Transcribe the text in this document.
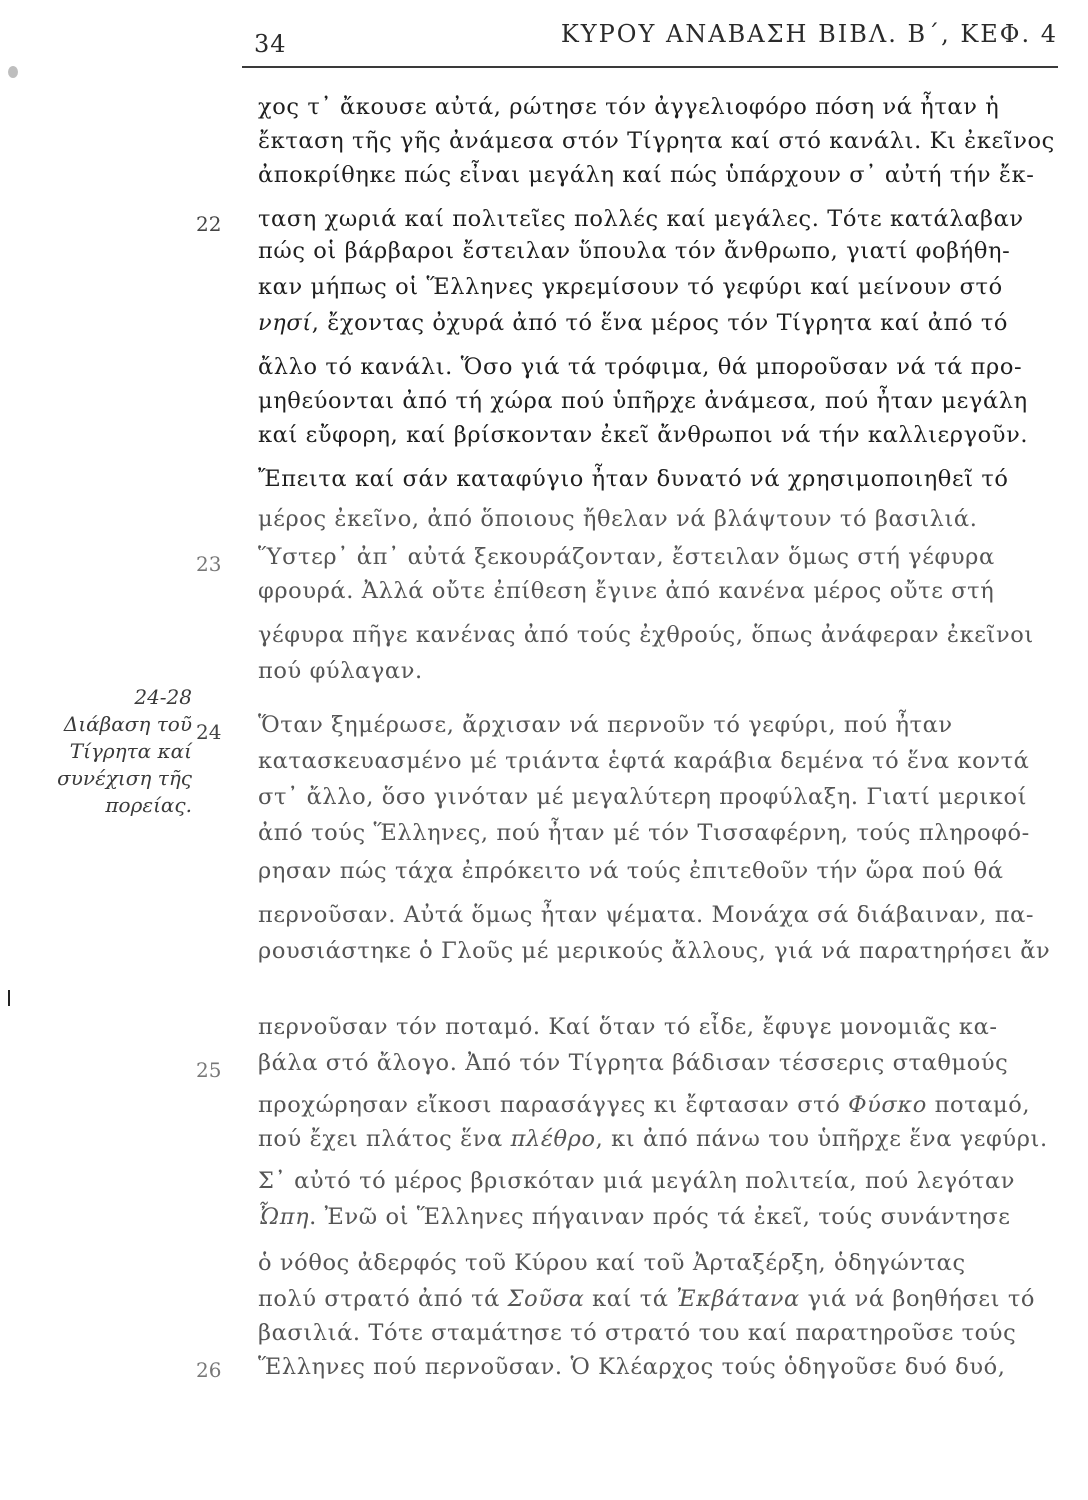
34	ΚΥΡΟΥ ΑΝΑΒΑΣΗ ΒΙΒΛ. Β΄, ΚΕΦ. 4
24-28
Διάβαση τοῦ
Τίγρητα καί
συνέχιση τῆς
πορείας.
22
23
24
25
26
χος τ᾿ ἄκουσε αὐτά, ρώτησε τόν ἀγγελιοφόρο πόση νά ἦταν ἡ
ἔκταση τῆς γῆς ἀνάμεσα στόν Τίγρητα καί στό κανάλι. Κι ἐκεῖνος
ἀποκρίθηκε πώς εἶναι μεγάλη καί πώς ὑπάρχουν σ᾿ αὐτή τήν ἔκ-
ταση χωριά καί πολιτεῖες πολλές καί μεγάλες. Τότε κατάλαβαν
πώς οἱ βάρβαροι ἔστειλαν ὕπουλα τόν ἄνθρωπο, γιατί φοβήθη-
καν μήπως οἱ Ἕλληνες γκρεμίσουν τό γεφύρι καί μείνουν στό
νησί, ἔχοντας ὀχυρά ἀπό τό ἕνα μέρος τόν Τίγρητα καί ἀπό τό
ἄλλο τό κανάλι. Ὅσο γιά τά τρόφιμα, θά μποροῦσαν νά τά προ-
μηθεύονται ἀπό τή χώρα πού ὑπῆρχε ἀνάμεσα, πού ἦταν μεγάλη
καί εὔφορη, καί βρίσκονταν ἐκεῖ ἄνθρωποι νά τήν καλλιεργοῦν.
Ἔπειτα καί σάν καταφύγιο ἦταν δυνατό νά χρησιμοποιηθεῖ τό
μέρος ἐκεῖνο, ἀπό ὅποιους ἤθελαν νά βλάψτουν τό βασιλιά.
Ὕστερ᾿ ἀπ᾿ αὐτά ξεκουράζονταν, ἔστειλαν ὅμως στή γέφυρα
φρουρά. Ἀλλά οὔτε ἐπίθεση ἔγινε ἀπό κανένα μέρος οὔτε στή
γέφυρα πῆγε κανένας ἀπό τούς ἐχθρούς, ὅπως ἀνάφεραν ἐκεῖνοι
πού φύλαγαν.
Ὅταν ξημέρωσε, ἄρχισαν νά περνοῦν τό γεφύρι, πού ἦταν
κατασκευασμένο μέ τριάντα ἑφτά καράβια δεμένα τό ἕνα κοντά
στ᾿ ἄλλο, ὅσο γινόταν μέ μεγαλύτερη προφύλαξη. Γιατί μερικοί
ἀπό τούς Ἕλληνες, πού ἦταν μέ τόν Τισσαφέρνη, τούς πληροφό-
ρησαν πώς τάχα ἐπρόκειτο νά τούς ἐπιτεθοῦν τήν ὥρα πού θά
περνοῦσαν. Αὐτά ὅμως ἦταν ψέματα. Μονάχα σά διάβαιναν, πα-
ρουσιάστηκε ὁ Γλοῦς μέ μερικούς ἄλλους, γιά νά παρατηρήσει ἄν
περνοῦσαν τόν ποταμό. Καί ὅταν τό εἶδε, ἔφυγε μονομιᾶς κα-
βάλα στό ἄλογο. Ἀπό τόν Τίγρητα βάδισαν τέσσερις σταθμούς
προχώρησαν εἴκοσι παρασάγγες κι ἔφτασαν στό Φύσκο ποταμό,
πού ἔχει πλάτος ἕνα πλέθρο, κι ἀπό πάνω του ὑπῆρχε ἕνα γεφύρι.
Σ᾿ αὐτό τό μέρος βρισκόταν μιά μεγάλη πολιτεία, πού λεγόταν
Ὦπη. Ἐνῶ οἱ Ἕλληνες πήγαιναν πρός τά ἐκεῖ, τούς συνάντησε
ὁ νόθος ἀδερφός τοῦ Κύρου καί τοῦ Ἀρταξέρξη, ὁδηγώντας
πολύ στρατό ἀπό τά Σοῦσα καί τά Ἐκβάτανα γιά νά βοηθήσει τό
βασιλιά. Τότε σταμάτησε τό στρατό του καί παρατηροῦσε τούς
Ἕλληνες πού περνοῦσαν. Ὁ Κλέαρχος τούς ὁδηγοῦσε δυό δυό,
